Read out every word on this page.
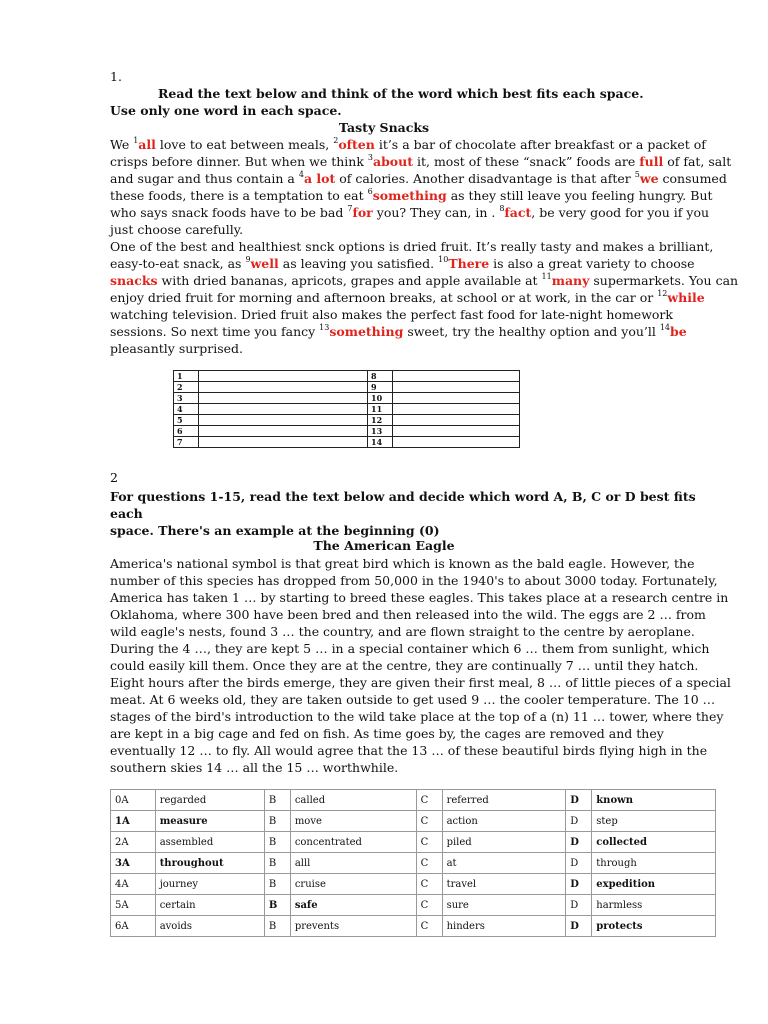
1.
Read the text below and think of the word which best fits each space.
Use only one word in each space.
Tasty Snacks
We $^1$all love to eat between meals, $^2$often it’s a bar of chocolate after breakfast or a packet of
crisps before dinner. But when we think $^3$about it, most of these “snack” foods are full of fat, salt
and sugar and thus contain a $^4$a lot of calories. Another disadvantage is that after $^5$we consumed
these foods, there is a temptation to eat $^6$something as they still leave you feeling hungry. But
who says snack foods have to be bad $^7$for you? They can, in . $^8$fact, be very good for you if you
just choose carefully.
One of the best and healthiest snck options is dried fruit. It’s really tasty and makes a brilliant,
easy-to-eat snack, as $^9$well as leaving you satisfied. $^{10}$There is also a great variety to choose
snacks with dried bananas, apricots, grapes and apple available at $^{11}$many supermarkets. You can
enjoy dried fruit for morning and afternoon breaks, at school or at work, in the car or $^{12}$while
watching television. Dried fruit also makes the perfect fast food for late-night homework
sessions. So next time you fancy $^{13}$something sweet, try the healthy option and you’ll $^{14}$be
pleasantly surprised.
1		8	
2		9	
3		10	
4		11	
5		12	
6		13	
7		14	
2
For questions 1-15, read the text below and decide which word A, B, C or D best fits each
space. There's an example at the beginning (0)
The American Eagle
America's national symbol is that great bird which is known as the bald eagle. However, the
number of this species has dropped from 50,000 in the 1940's to about 3000 today. Fortunately,
America has taken 1 … by starting to breed these eagles. This takes place at a research centre in
Oklahoma, where 300 have been bred and then released into the wild. The eggs are 2 … from
wild eagle's nests, found 3 … the country, and are flown straight to the centre by aeroplane.
During the 4 …, they are kept 5 … in a special container which 6 … them from sunlight, which
could easily kill them. Once they are at the centre, they are continually 7 … until they hatch.
Eight hours after the birds emerge, they are given their first meal, 8 … of little pieces of a special
meat. At 6 weeks old, they are taken outside to get used 9 … the cooler temperature. The 10 …
stages of the bird's introduction to the wild take place at the top of a (n) 11 … tower, where they
are kept in a big cage and fed on fish. As time goes by, the cages are removed and they
eventually 12 … to fly. All would agree that the 13 … of these beautiful birds flying high in the
southern skies 14 … all the 15 … worthwhile.
0A	regarded	B	called	C	referred	D	known
1A	measure	B	move	C	action	D	step
2A	assembled	B	concentrated	C	piled	D	collected
3A	throughout	B	alll	C	at	D	through
4A	journey	B	cruise	C	travel	D	expedition
5A	certain	B	safe	C	sure	D	harmless
6A	avoids	B	prevents	C	hinders	D	protects
